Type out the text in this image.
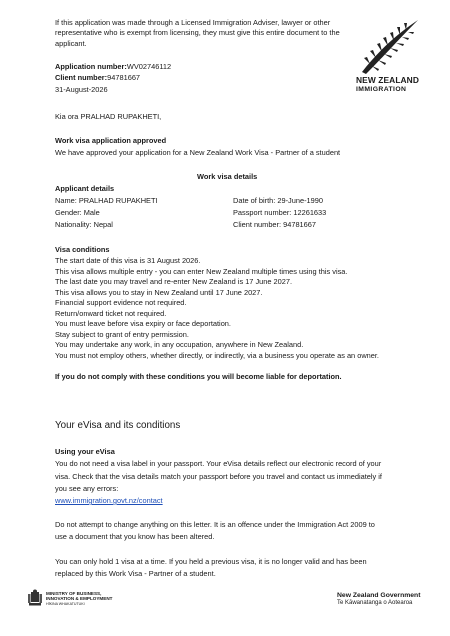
If this application was made through a Licensed Immigration Adviser, lawyer or other representative who is exempt from licensing, they must give this entire document to the applicant.
NEW ZEALAND
IMMIGRATION
Application number:WV02746112
Client number:94781667
31-August-2026
Kia ora PRALHAD RUPAKHETI,
Work visa application approved
We have approved your application for a New Zealand Work Visa - Partner of a student
Work visa details
Applicant details
Name: PRALHAD RUPAKHETI
Gender: Male
Nationality: Nepal
Date of birth: 29-June-1990
Passport number: 12261633
Client number: 94781667
Visa conditions
The start date of this visa is 31 August 2026.
This visa allows multiple entry - you can enter New Zealand multiple times using this visa.
The last date you may travel and re-enter New Zealand is 17 June 2027.
This visa allows you to stay in New Zealand until 17 June 2027.
Financial support evidence not required.
Return/onward ticket not required.
You must leave before visa expiry or face deportation.
Stay subject to grant of entry permission.
You may undertake any work, in any occupation, anywhere in New Zealand.
You must not employ others, whether directly, or indirectly, via a business you operate as an owner.
If you do not comply with these conditions you will become liable for deportation.
Your eVisa and its conditions
Using your eVisa
You do not need a visa label in your passport. Your eVisa details reflect our electronic record of your
visa. Check that the visa details match your passport before you travel and contact us immediately if
you see any errors:
www.immigration.govt.nz/contact
Do not attempt to change anything on this letter. It is an offence under the Immigration Act 2009 to
use a document that you know has been altered.
You can only hold 1 visa at a time. If you held a previous visa, it is no longer valid and has been
replaced by this Work Visa - Partner of a student.
MINISTRY OF BUSINESS,
INNOVATION & EMPLOYMENT
HĪKINA WHAKATUTUKI
New Zealand Government
Te Kāwanatanga o Aotearoa
